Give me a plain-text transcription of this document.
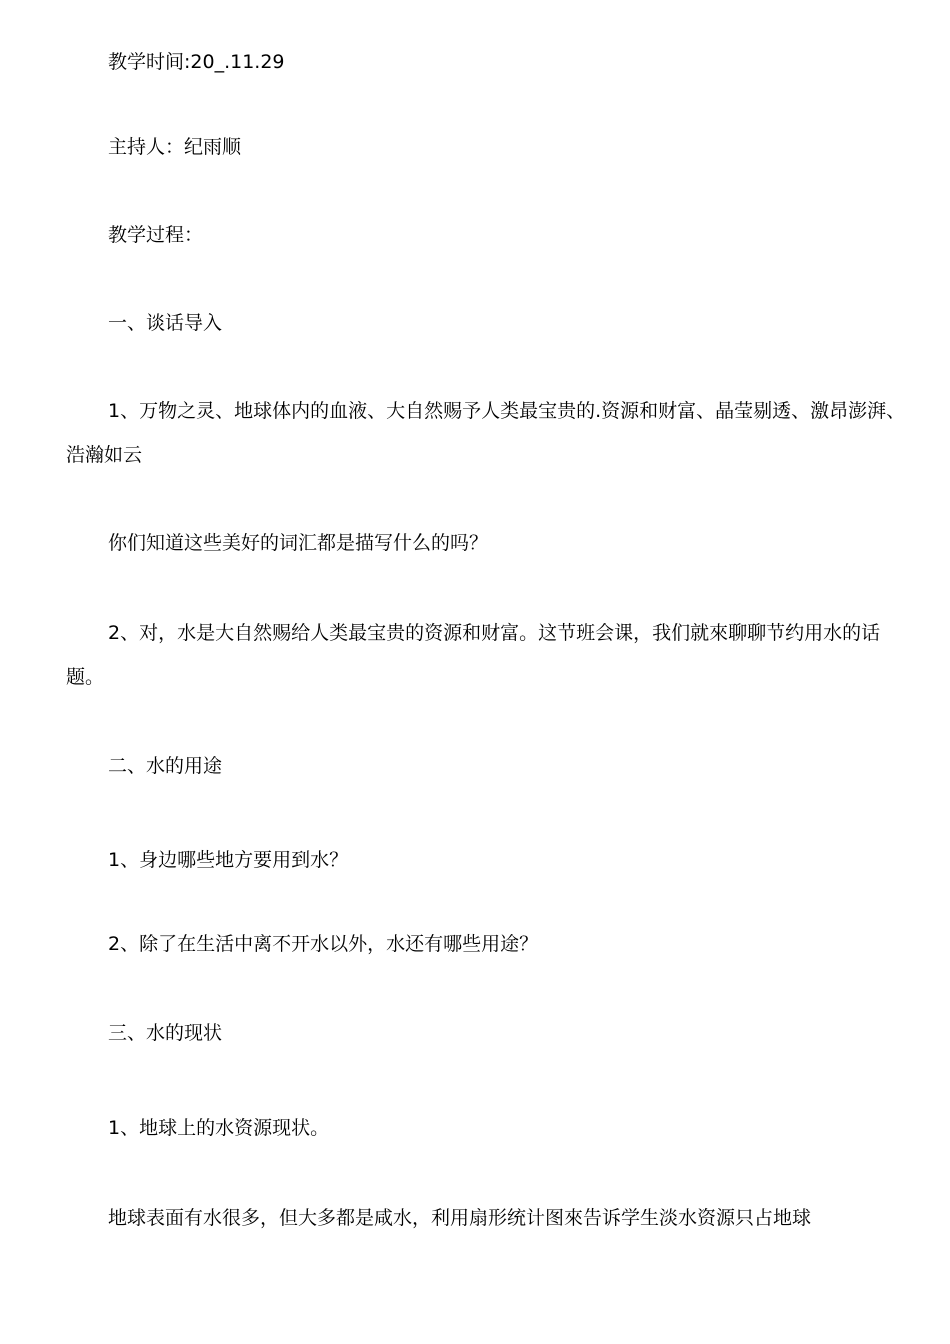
教学时间:20_.11.29

主持人：纪雨顺

教学过程：

一、谈话导入

1、万物之灵、地球体内的血液、大自然赐予人类最宝贵的.资源和财富、晶莹剔透、激昂澎湃、浩瀚如云

你们知道这些美好的词汇都是描写什么的吗？

2、对，水是大自然赐给人类最宝贵的资源和财富。这节班会课，我们就來聊聊节约用水的话题。

二、水的用途

1、身边哪些地方要用到水？

2、除了在生活中离不开水以外，水还有哪些用途？

三、水的现状

1、地球上的水资源现状。

地球表面有水很多，但大多都是咸水，利用扇形统计图來告诉学生淡水资源只占地球
